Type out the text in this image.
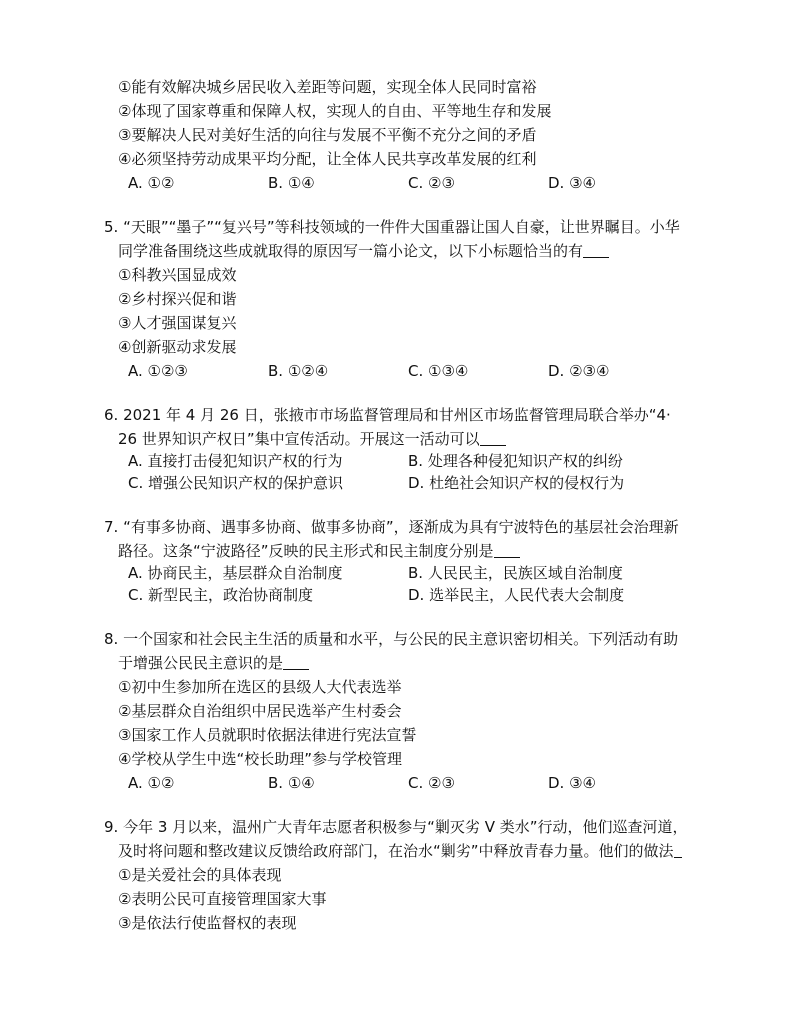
①能有效解决城乡居民收入差距等问题，实现全体人民同时富裕
②体现了国家尊重和保障人权，实现人的自由、平等地生存和发展
③要解决人民对美好生活的向往与发展不平衡不充分之间的矛盾
④必须坚持劳动成果平均分配，让全体人民共享改革发展的红利
A. ①②	B. ①④	C. ②③	D. ③④
5. “天眼”“墨子”“复兴号”等科技领域的一件件大国重器让国人自豪，让世界瞩目。小华
同学准备围绕这些成就取得的原因写一篇小论文，以下小标题恰当的有
①科教兴国显成效
②乡村探兴促和谐
③人才强国谋复兴
④创新驱动求发展
A. ①②③	B. ①②④	C. ①③④	D. ②③④
6. 2021 年 4 月 26 日，张掖市市场监督管理局和甘州区市场监督管理局联合举办“4·
26 世界知识产权日”集中宣传活动。开展这一活动可以
A. 直接打击侵犯知识产权的行为	B. 处理各种侵犯知识产权的纠纷
C. 增强公民知识产权的保护意识	D. 杜绝社会知识产权的侵权行为
7. “有事多协商、遇事多协商、做事多协商”，逐渐成为具有宁波特色的基层社会治理新
路径。这条“宁波路径”反映的民主形式和民主制度分别是
A. 协商民主，基层群众自治制度	B. 人民民主，民族区域自治制度
C. 新型民主，政治协商制度	D. 选举民主，人民代表大会制度
8. 一个国家和社会民主生活的质量和水平，与公民的民主意识密切相关。下列活动有助
于增强公民民主意识的是
①初中生参加所在选区的县级人大代表选举
②基层群众自治组织中居民选举产生村委会
③国家工作人员就职时依据法律进行宪法宣誓
④学校从学生中选“校长助理”参与学校管理
A. ①②	B. ①④	C. ②③	D. ③④
9. 今年 3 月以来，温州广大青年志愿者积极参与“剿灭劣 V 类水”行动，他们巡查河道，
及时将问题和整改建议反馈给政府部门，在治水“剿劣”中释放青春力量。他们的做法
①是关爱社会的具体表现
②表明公民可直接管理国家大事
③是依法行使监督权的表现
